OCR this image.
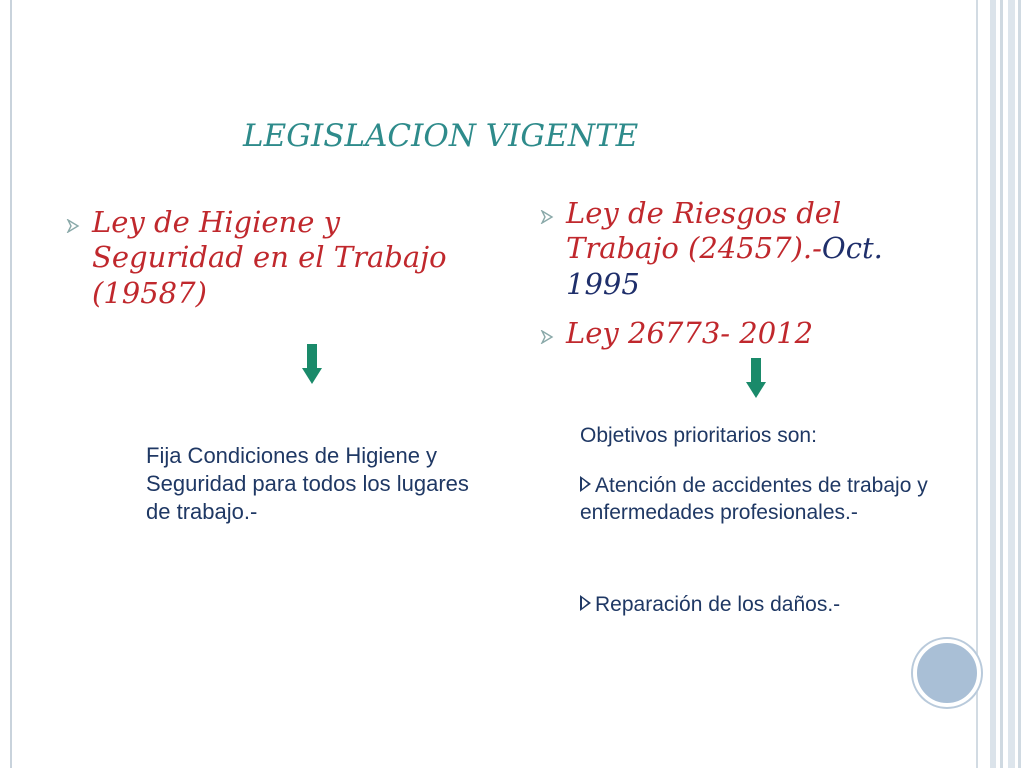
LEGISLACION VIGENTE
Ley de Higiene y Seguridad en el Trabajo (19587)
Fija Condiciones de Higiene y Seguridad para todos los lugares de trabajo.-
Ley de Riesgos del Trabajo (24557).-Oct. 1995
Ley 26773- 2012
Objetivos prioritarios son:
Atención de accidentes de trabajo y enfermedades profesionales.-
Reparación de los daños.-
